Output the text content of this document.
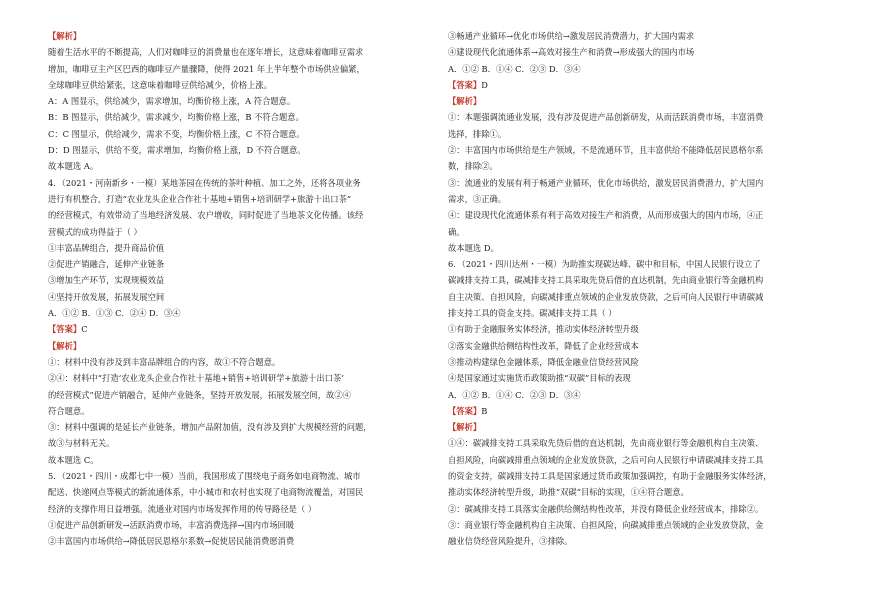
【解析】
随着生活水平的不断提高，人们对咖啡豆的消费量也在逐年增长，这意味着咖啡豆需求
增加，咖啡豆主产区巴西的咖啡豆产量骤降，使得 2021 年上半年整个市场供应偏紧，
全球咖啡豆供给紧张，这意味着咖啡豆供给减少，价格上涨。
A：A 图显示，供给减少，需求增加，均衡价格上涨，A 符合题意。
B：B 图显示，供给减少，需求减少，均衡价格上涨，B 不符合题意。
C：C 图显示，供给减少，需求不变，均衡价格上涨，C 不符合题意。
D：D 图显示，供给不变，需求增加，均衡价格上涨，D 不符合题意。
故本题选 A。
4．（2021・河南新乡・一模）某地茶园在传统的茶叶种植、加工之外，还将各项业务
进行有机整合，打造“农业龙头企业合作社十基地+销售+培训研学+旅游十出口茶”
的经营模式，有效带动了当地经济发展、农户增收，同时促进了当地茶文化传播。该经
营模式的成功得益于（ ）
①丰富品牌组合，提升商品价值
②促进产销融合，延伸产业链条
③增加生产环节，实现规模效益
④坚持开放发展，拓展发展空间
A．①② B．①③ C．②④ D．③④
【答案】C
【解析】
①：材料中没有涉及到丰富品牌组合的内容，故①不符合题意。
②④：材料中“打造‘农业龙头企业合作社十基地+销售+培训研学+旅游十出口茶’
的经营模式”促进产销融合，延伸产业链条，坚持开放发展，拓展发展空间，故②④
符合题意。
③：材料中强调的是延长产业链条，增加产品附加值，没有涉及到扩大规模经营的问题，
故③与材料无关。
故本题选 C。
5．（2021・四川・成都七中一模）当前，我国形成了围绕电子商务如电商物流、城市
配送、快递网点等模式的新流通体系，中小城市和农村也实现了电商物流覆盖，对国民
经济的支撑作用日益增强。流通业对国内市场发挥作用的传导路径是（ ）
①促进产品创新研发→活跃消费市场，丰富消费选择→国内市场回暖
②丰富国内市场供给→降低居民恩格尔系数→促使居民能消费愿消费
③畅通产业循环→优化市场供给→激发居民消费潜力，扩大国内需求
④建设现代化流通体系→高效对接生产和消费→形成强大的国内市场
A．①② B．①④ C．②③ D．③④
【答案】D
【解析】
①：本题强调流通业发展，没有涉及促进产品创新研发，从而活跃消费市场，丰富消费
选择，排除①。
②：丰富国内市场供给是生产领域，不是流通环节，且丰富供给不能降低居民恩格尔系
数，排除②。
③：流通业的发展有利于畅通产业循环，优化市场供给，激发居民消费潜力，扩大国内
需求，③正确。
④：建设现代化流通体系有利于高效对接生产和消费，从而形成强大的国内市场，④正
确。
故本题选 D。
6．（2021・四川达州・一模）为助推实现碳达峰、碳中和目标，中国人民银行设立了
碳减排支持工具，碳减排支持工具采取先贷后借的直达机制，先由商业银行等金融机构
自主决策、自担风险，向碳减排重点领域的企业发放贷款，之后可向人民银行申请碳减
排支持工具的资金支持。碳减排支持工具（ ）
①有助于金融服务实体经济，推动实体经济转型升级
②落实金融供给侧结构性改革，降低了企业经营成本
③推动构建绿色金融体系，降低金融业信贷经营风险
④是国家通过实施货币政策助推“双碳”目标的表现
A．①② B．①④ C．②③ D．③④
【答案】B
【解析】
①④：碳减排支持工具采取先贷后借的直达机制，先由商业银行等金融机构自主决策、
自担风险，向碳减排重点领域的企业发放贷款，之后可向人民银行申请碳减排支持工具
的资金支持，碳减排支持工具是国家通过货币政策加强调控，有助于金融服务实体经济，
推动实体经济转型升级，助推“双碳”目标的实现，①④符合题意。
②：碳减排支持工具落实金融供给侧结构性改革，并没有降低企业经营成本，排除②。
③：商业银行等金融机构自主决策、自担风险，向碳减排重点领域的企业发放贷款，金
融业信贷经营风险提升，③排除。
